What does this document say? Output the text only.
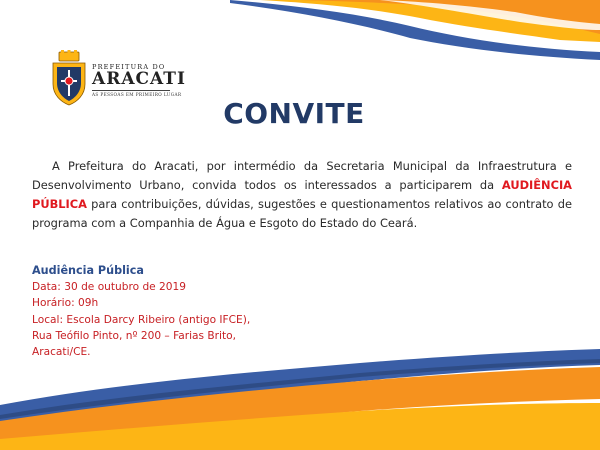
PREFEITURA DO
ARACATI
AS PESSOAS EM PRIMEIRO LUGAR
CONVITE
A Prefeitura do Aracati, por intermédio da Secretaria Municipal da Infraestrutura e Desenvolvimento Urbano, convida todos os interessados a participarem da AUDIÊNCIA PÚBLICA para contribuições, dúvidas, sugestões e questionamentos relativos ao contrato de programa com a Companhia de Água e Esgoto do Estado do Ceará.
Audiência Pública
Data: 30 de outubro de 2019
Horário: 09h
Local: Escola Darcy Ribeiro (antigo IFCE),
Rua Teófilo Pinto, nº 200 – Farias Brito,
Aracati/CE.
